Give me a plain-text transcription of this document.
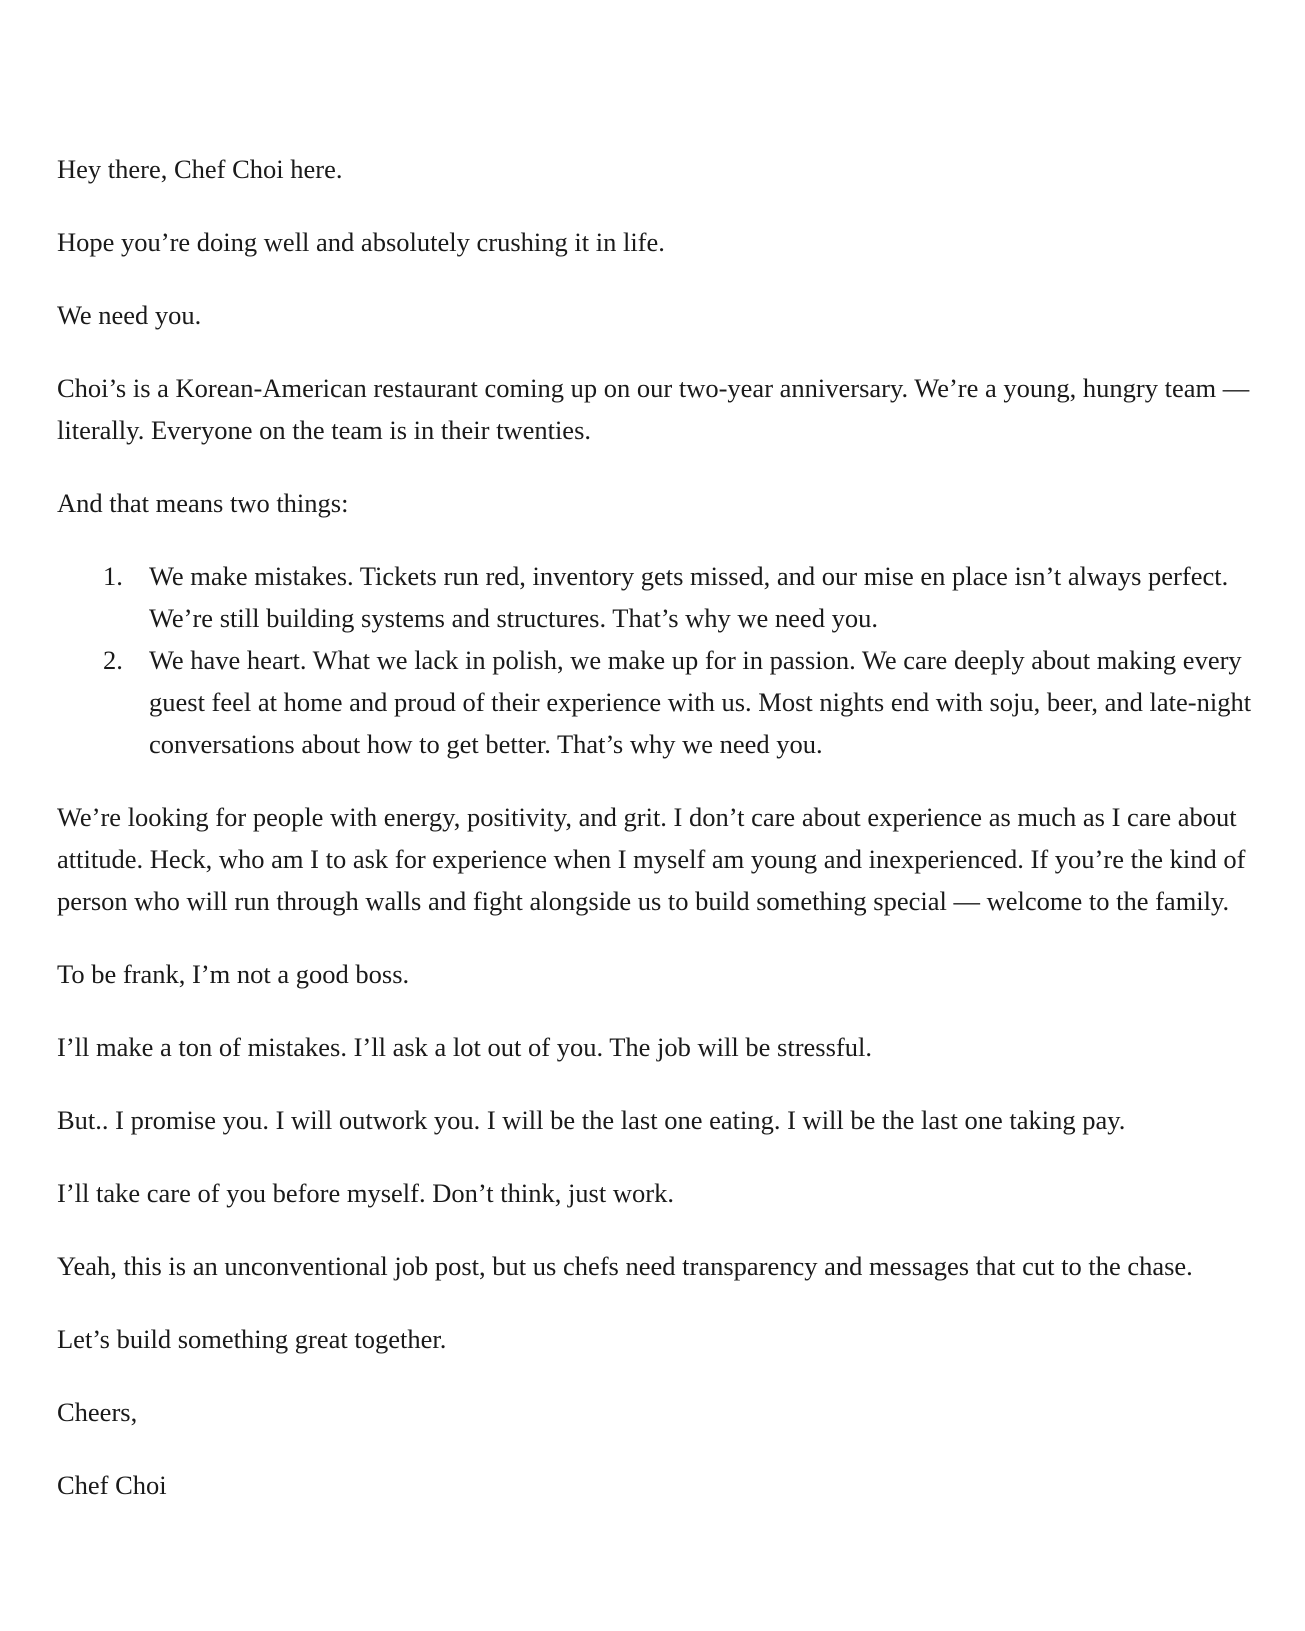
Hey there, Chef Choi here.

Hope you’re doing well and absolutely crushing it in life.

We need you.

Choi’s is a Korean-American restaurant coming up on our two-year anniversary. We’re a young, hungry team — literally. Everyone on the team is in their twenties.

And that means two things:

1. We make mistakes. Tickets run red, inventory gets missed, and our mise en place isn’t always perfect. We’re still building systems and structures. That’s why we need you.
2. We have heart. What we lack in polish, we make up for in passion. We care deeply about making every guest feel at home and proud of their experience with us. Most nights end with soju, beer, and late-night conversations about how to get better. That’s why we need you.

We’re looking for people with energy, positivity, and grit. I don’t care about experience as much as I care about attitude. Heck, who am I to ask for experience when I myself am young and inexperienced. If you’re the kind of person who will run through walls and fight alongside us to build something special — welcome to the family.

To be frank, I’m not a good boss.

I’ll make a ton of mistakes. I’ll ask a lot out of you. The job will be stressful.

But.. I promise you. I will outwork you. I will be the last one eating. I will be the last one taking pay.

I’ll take care of you before myself. Don’t think, just work.

Yeah, this is an unconventional job post, but us chefs need transparency and messages that cut to the chase.

Let’s build something great together.

Cheers,

Chef Choi
